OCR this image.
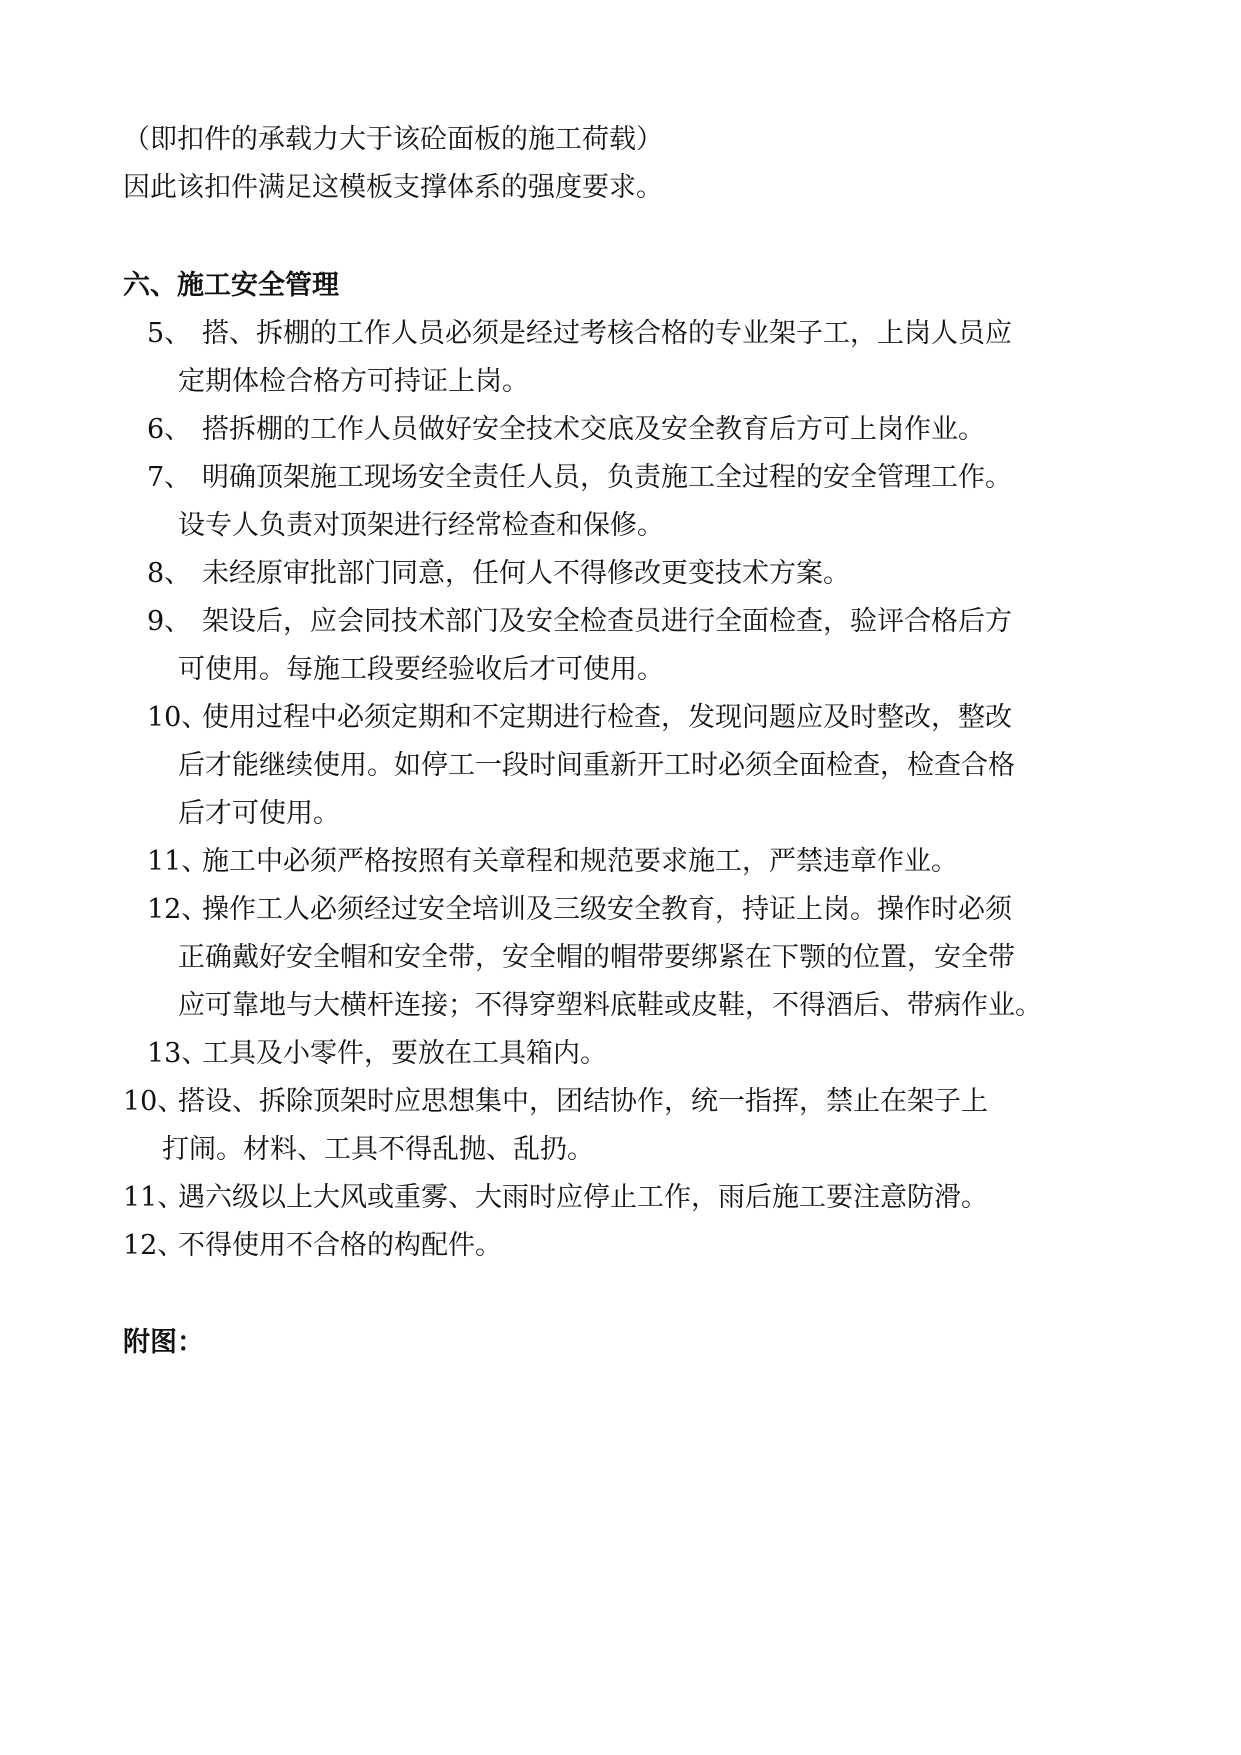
（即扣件的承载力大于该砼面板的施工荷载）
因此该扣件满足这模板支撑体系的强度要求。
六、施工安全管理
5、 搭、拆棚的工作人员必须是经过考核合格的专业架子工，上岗人员应
定期体检合格方可持证上岗。
6、 搭拆棚的工作人员做好安全技术交底及安全教育后方可上岗作业。
7、 明确顶架施工现场安全责任人员，负责施工全过程的安全管理工作。
设专人负责对顶架进行经常检查和保修。
8、 未经原审批部门同意，任何人不得修改更变技术方案。
9、 架设后，应会同技术部门及安全检查员进行全面检查，验评合格后方
可使用。每施工段要经验收后才可使用。
10、
使用过程中必须定期和不定期进行检查，发现问题应及时整改，整改
后才能继续使用。如停工一段时间重新开工时必须全面检查，检查合格
后才可使用。
11、
施工中必须严格按照有关章程和规范要求施工，严禁违章作业。
12、
操作工人必须经过安全培训及三级安全教育，持证上岗。操作时必须
正确戴好安全帽和安全带，安全帽的帽带要绑紧在下颚的位置，安全带
应可靠地与大横杆连接；不得穿塑料底鞋或皮鞋，不得酒后、带病作业。
13、
工具及小零件，要放在工具箱内。
10、
搭设、拆除顶架时应思想集中，团结协作，统一指挥，禁止在架子上
打闹。材料、工具不得乱抛、乱扔。
11、
遇六级以上大风或重雾、大雨时应停止工作，雨后施工要注意防滑。
12、
不得使用不合格的构配件。
附图：
